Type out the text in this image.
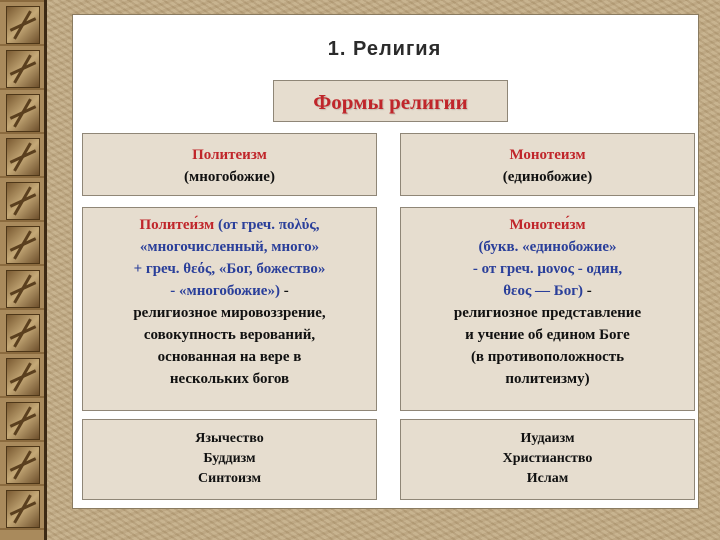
1. Религия
Формы религии
Политеизм
(многобожие)
Монотеизм
(единобожие)
Политеи́зм (от греч. πολύς,
«многочисленный, много»
+ греч. θεός, «Бог, божество»
- «многобожие») -
религиозное мировоззрение,
совокупность верований,
основанная на вере в
нескольких богов
Монотеи́зм
(букв. «единобожие»
- от греч. μονος - один,
θεος — Бог) -
религиозное представление
и учение об едином Боге
(в противоположность
политеизму)
Язычество
Буддизм
Синтоизм
Иудаизм
Христианство
Ислам
